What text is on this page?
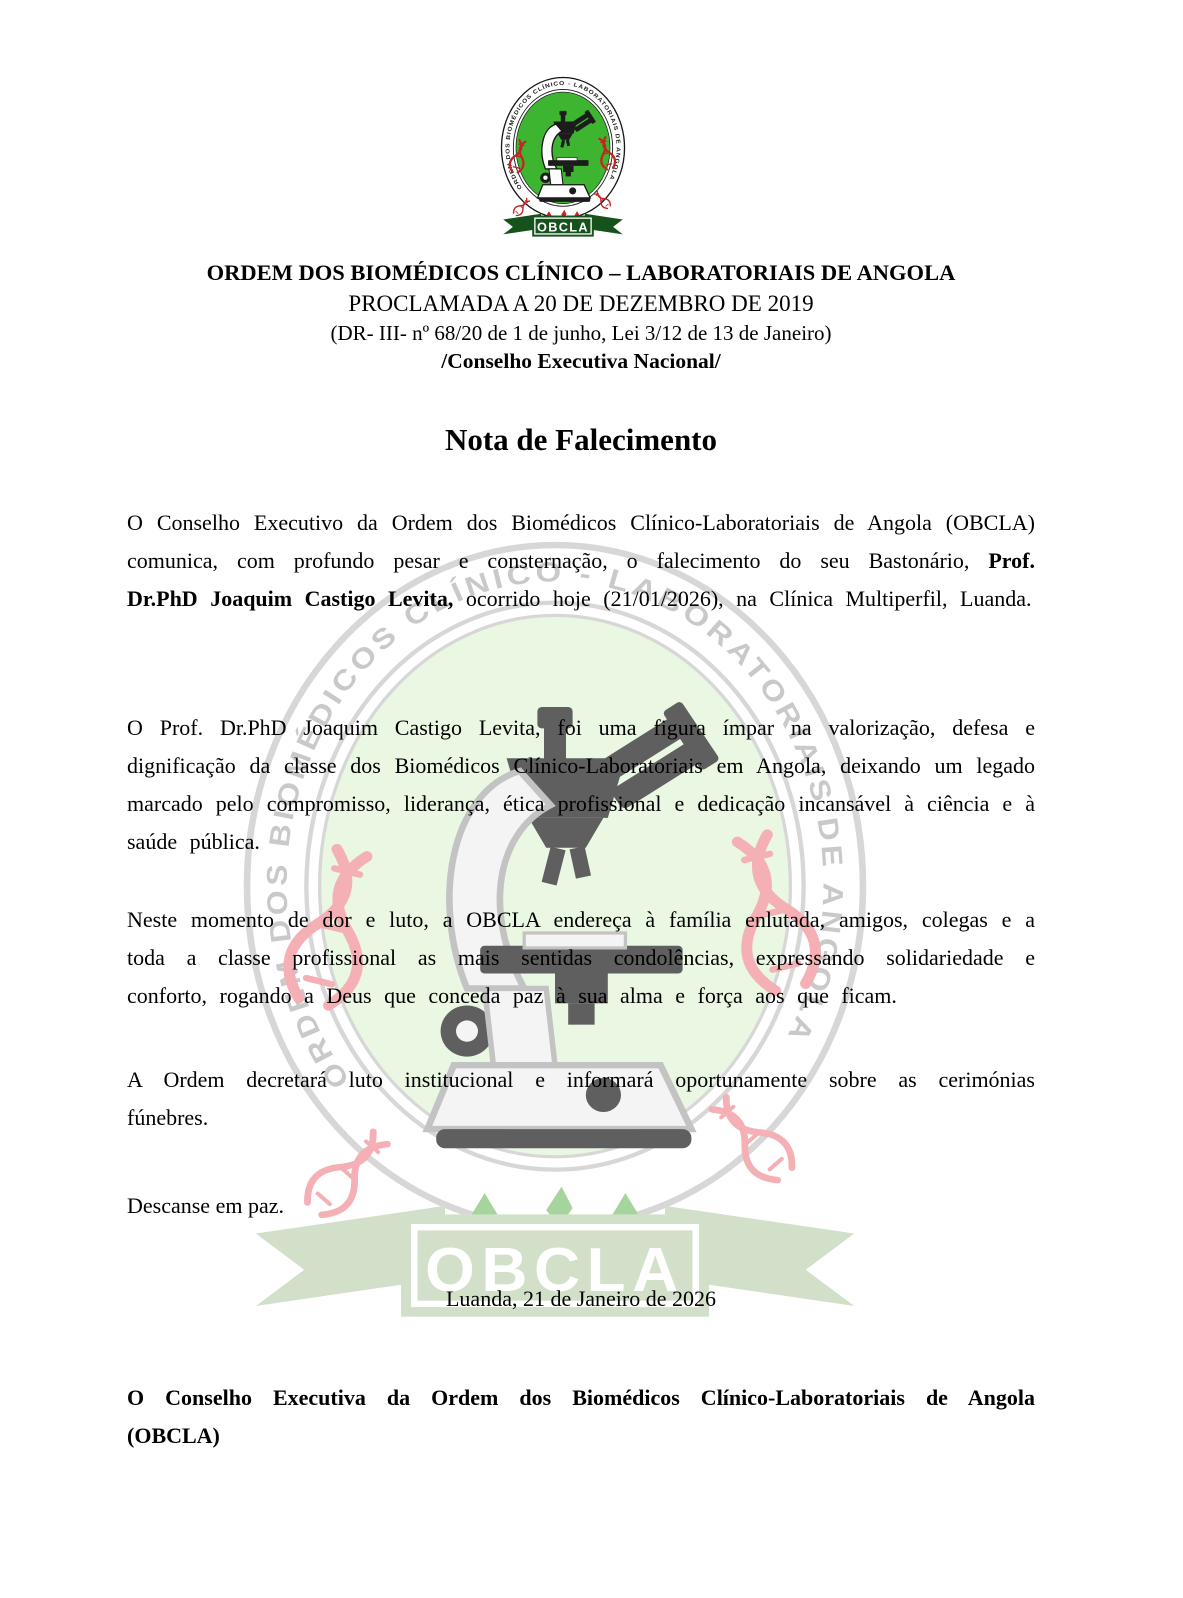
ORDEM DOS BIOMÉDICOS CLÍNICO – LABORATORIAIS DE ANGOLA

PROCLAMADA A 20 DE DEZEMBRO DE 2019

(DR- III- nº 68/20 de 1 de junho, Lei 3/12 de 13 de Janeiro)

/Conselho Executiva Nacional/

Nota de Falecimento

O Conselho Executivo da Ordem dos Biomédicos Clínico-Laboratoriais de Angola (OBCLA) comunica, com profundo pesar e consternação, o falecimento do seu Bastonário, Prof. Dr.PhD Joaquim Castigo Levita, ocorrido hoje (21/01/2026), na Clínica Multiperfil, Luanda.

O Prof. Dr.PhD Joaquim Castigo Levita, foi uma figura ímpar na valorização, defesa e dignificação da classe dos Biomédicos Clínico-Laboratoriais em Angola, deixando um legado marcado pelo compromisso, liderança, ética profissional e dedicação incansável à ciência e à saúde pública.

Neste momento de dor e luto, a OBCLA endereça à família enlutada, amigos, colegas e a toda a classe profissional as mais sentidas condolências, expressando solidariedade e conforto, rogando a Deus que conceda paz à sua alma e força aos que ficam.

A Ordem decretará luto institucional e informará oportunamente sobre as cerimónias fúnebres.

Descanse em paz.

Luanda, 21 de Janeiro de 2026

O Conselho Executiva da Ordem dos Biomédicos Clínico-Laboratoriais de Angola (OBCLA)
